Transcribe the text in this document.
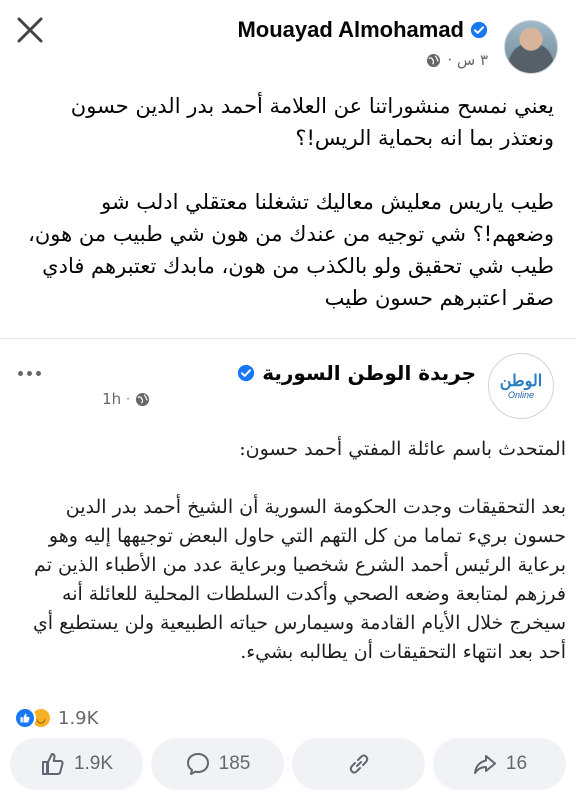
Mouayad Almohamad
٣ س ·

يعني نمسح منشوراتنا عن العلامة أحمد بدر الدين حسون ونعتذر بما انه بحماية الريس!؟

طيب ياريس معليش معاليك تشغلنا معتقلي ادلب شو وضعهم!؟ شي توجيه من عندك من هون شي طبيب من هون، طيب شي تحقيق ولو بالكذب من هون، مابدك تعتبرهم فادي صقر اعتبرهم حسون طيب

الوطن
Online
جريدة الوطن السورية
1h ·
المتحدث باسم عائلة المفتي أحمد حسون:
بعد التحقيقات وجدت الحكومة السورية أن الشيخ أحمد بدر الدين حسون بريء تماما من كل التهم التي حاول البعض توجيهها إليه وهو برعاية الرئيس أحمد الشرع شخصيا وبرعاية عدد من الأطباء الذين تم فرزهم لمتابعة وضعه الصحي وأكدت السلطات المحلية للعائلة أنه سيخرج خلال الأيام القادمة وسيمارس حياته الطبيعية ولن يستطيع أي أحد بعد انتهاء التحقيقات أن يطالبه بشيء.
◡ 1.9K
1.9K	185	16
